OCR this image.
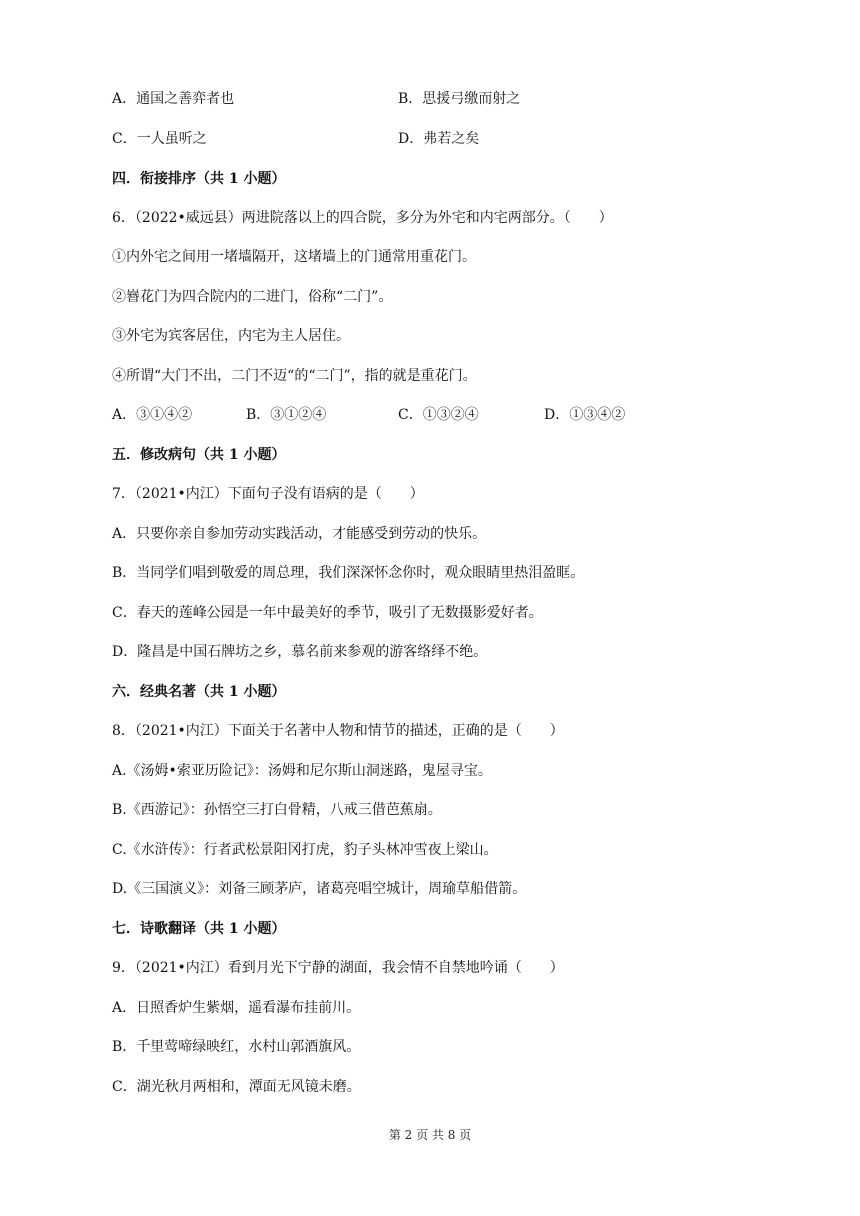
A．通国之善弈者也	B．思援弓缴而射之
C．一人虽听之	D．弗若之矣
四．衔接排序（共 1 小题）
6．（2022•威远县）两进院落以上的四合院，多分为外宅和内宅两部分。（　　）
①内外宅之间用一堵墙隔开，这堵墙上的门通常用重花门。
②嶜花门为四合院内的二进门，俗称“二门”。
③外宅为宾客居住，内宅为主人居住。
④所谓“大门不出，二门不迈“的“二门”，指的就是重花门。
A．③①④②	B．③①②④	C．①③②④	D．①③④②
五．修改病句（共 1 小题）
7．（2021•内江）下面句子没有语病的是（　　）
A．只要你亲自参加劳动实践活动，才能感受到劳动的快乐。
B．当同学们唱到敬爱的周总理，我们深深怀念你时，观众眼睛里热泪盈眶。
C．春天的莲峰公园是一年中最美好的季节，吸引了无数摄影爱好者。
D．隆昌是中国石牌坊之乡，慕名前来参观的游客络绎不绝。
六．经典名著（共 1 小题）
8．（2021•内江）下面关于名著中人物和情节的描述，正确的是（　　）
A.《汤姆•索亚历险记》：汤姆和尼尔斯山洞迷路，鬼屋寻宝。
B.《西游记》：孙悟空三打白骨精，八戒三借芭蕉扇。
C.《水浒传》：行者武松景阳冈打虎，豹子头林冲雪夜上梁山。
D.《三国演义》：刘备三顾茅庐，诸葛亮唱空城计，周瑜草船借箭。
七．诗歌翻译（共 1 小题）
9．（2021•内江）看到月光下宁静的湖面，我会情不自禁地吟诵（　　）
A．日照香炉生紫烟，遥看瀑布挂前川。
B．千里莺啼绿映红，水村山郭酒旗风。
C．湖光秋月两相和，潭面无风镜未磨。
第 2 页 共 8 页
